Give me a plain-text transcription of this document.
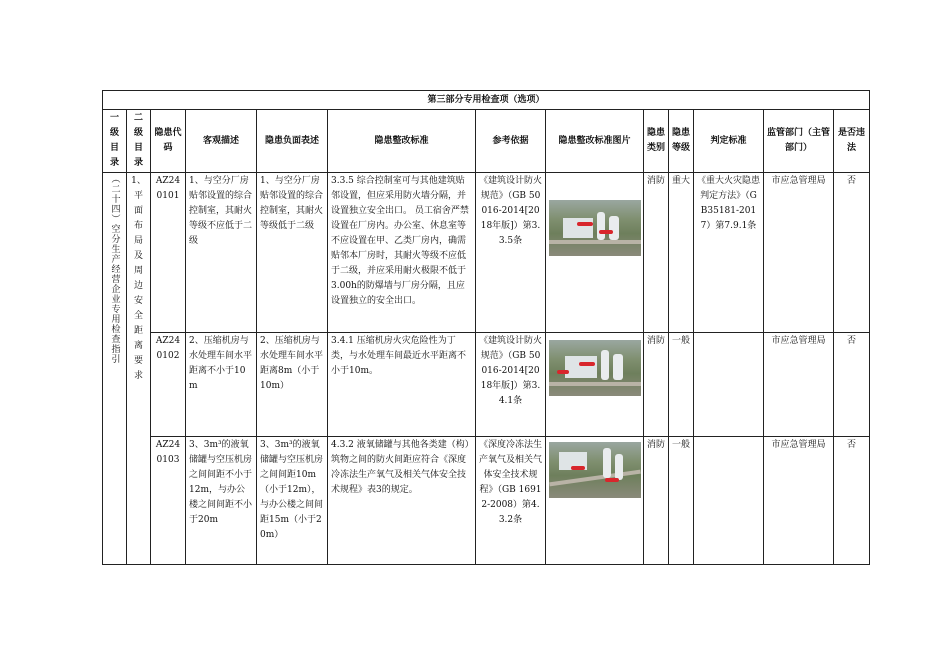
第三部分专用检查项（选项）												
一级目录	二级目录	隐患代码	客观描述	隐患负面表述	隐患整改标准	参考依据	隐患整改标准图片	隐患类别	隐患等级	判定标准	监管部门（主管部门）	是否违法

（二十四）空分生产经营企业专用检查指引	1、平面布局及周边安全距离要求	AZ240101	1、与空分厂房贴邻设置的综合控制室，其耐火等级不应低于二级	1、与空分厂房贴邻设置的综合控制室，其耐火等级低于二级	3.3.5 综合控制室可与其他建筑贴邻设置，但应采用防火墙分隔，并设置独立安全出口。 员工宿舍严禁设置在厂房内。办公室、休息室等不应设置在甲、乙类厂房内，确需贴邻本厂房时，其耐火等级不应低于二级，并应采用耐火极限不低于3.00h的防爆墙与厂房分隔，且应设置独立的安全出口。	《建筑设计防火规范》（GB 50016-2014[2018年版]）第3.3.5条		消防	重大	《重大火灾隐患判定方法》（GB35181-2017）第7.9.1条	市应急管理局	否
		AZ240102	2、压缩机房与水处理车间水平距离不小于10m	2、压缩机房与水处理车间水平距离8m（小于10m）	3.4.1 压缩机房火灾危险性为丁类，与水处理车间最近水平距离不小于10m。	《建筑设计防火规范》（GB 50016-2014[2018年版]）第3.4.1条		消防	一般		市应急管理局	否
		AZ240103	3、3m³的液氧储罐与空压机房之间间距不小于12m，与办公楼之间间距不小于20m	3、3m³的液氧储罐与空压机房之间间距10m（小于12m），与办公楼之间间距15m（小于20m）	4.3.2 液氧储罐与其他各类建（构）筑物之间的防火间距应符合《深度冷冻法生产氧气及相关气体安全技术规程》表3的规定。	《深度冷冻法生产氧气及相关气体安全技术规程》（GB 16912-2008）第4.3.2条		消防	一般		市应急管理局	否
